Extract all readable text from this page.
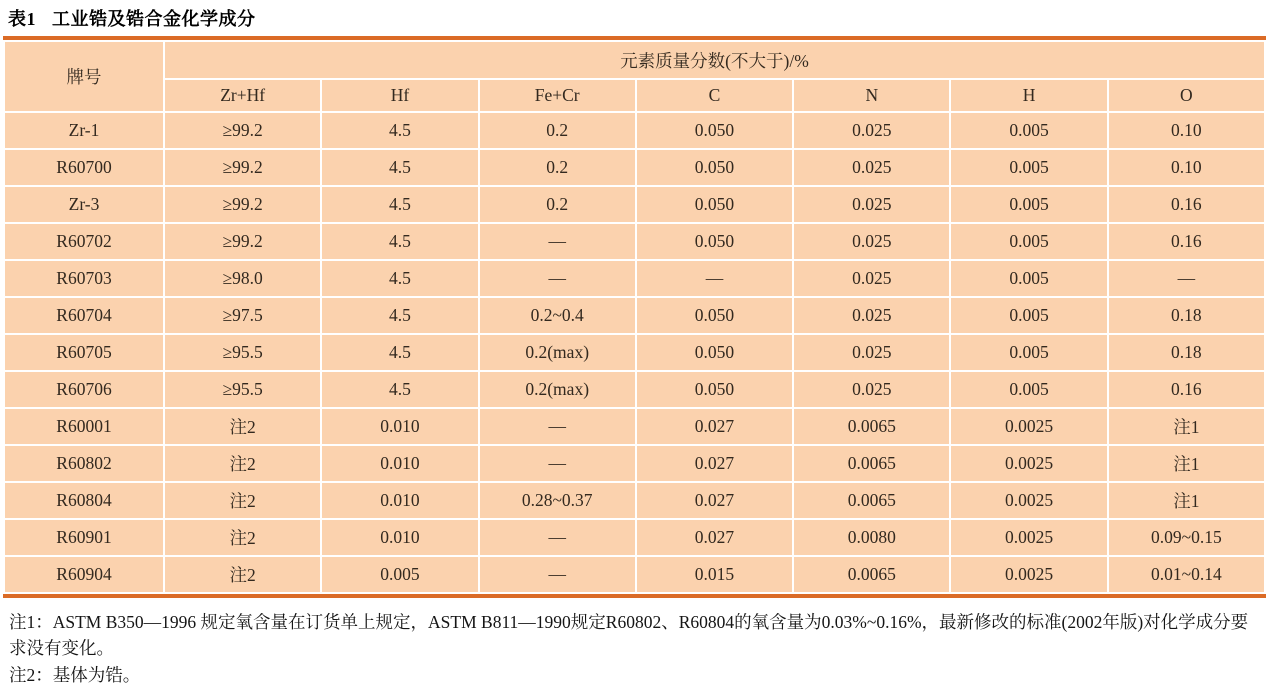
表1 工业锆及锆合金化学成分
牌号	元素质量分数(不大于)/%						
	Zr+Hf	Hf	Fe+Cr	C	N	H	O
Zr-1	≥99.2	4.5	0.2	0.050	0.025	0.005	0.10
R60700	≥99.2	4.5	0.2	0.050	0.025	0.005	0.10
Zr-3	≥99.2	4.5	0.2	0.050	0.025	0.005	0.16
R60702	≥99.2	4.5	—	0.050	0.025	0.005	0.16
R60703	≥98.0	4.5	—	—	0.025	0.005	—
R60704	≥97.5	4.5	0.2~0.4	0.050	0.025	0.005	0.18
R60705	≥95.5	4.5	0.2(max)	0.050	0.025	0.005	0.18
R60706	≥95.5	4.5	0.2(max)	0.050	0.025	0.005	0.16
R60001	注2	0.010	—	0.027	0.0065	0.0025	注1
R60802	注2	0.010	—	0.027	0.0065	0.0025	注1
R60804	注2	0.010	0.28~0.37	0.027	0.0065	0.0025	注1
R60901	注2	0.010	—	0.027	0.0080	0.0025	0.09~0.15
R60904	注2	0.005	—	0.015	0.0065	0.0025	0.01~0.14

注1：ASTM B350—1996 规定氧含量在订货单上规定，ASTM B811—1990规定R60802、R60804的氧含量为0.03%~0.16%，最新修改的标准(2002年版)对化学成分要求没有变化。

注2：基体为锆。
